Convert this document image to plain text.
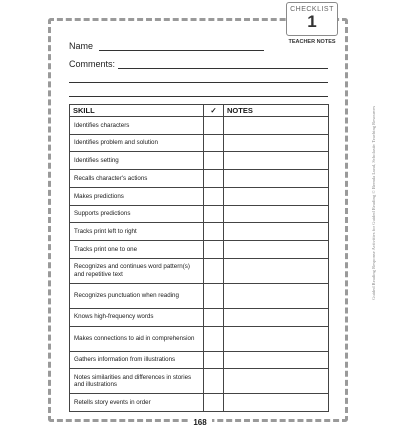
CHECKLIST
1
TEACHER NOTES
Name
Comments:
SKILL	✓	NOTES
Identifies characters		
Identifies problem and solution		
Identifies setting		
Recalls character's actions		
Makes predictions		
Supports predictions		
Tracks print left to right		
Tracks print one to one		
Recognizes and continues word pattern(s) and repetitive text		
Recognizes punctuation when reading		
Knows high-frequency words		
Makes connections to aid in comprehension		
Gathers information from illustrations		
Notes similarities and differences in stories and illustrations		
Retells story events in order		
168
Guided Reading Response Activities for Guided Reading © Brenda Lund, Scholastic Teaching Resources
